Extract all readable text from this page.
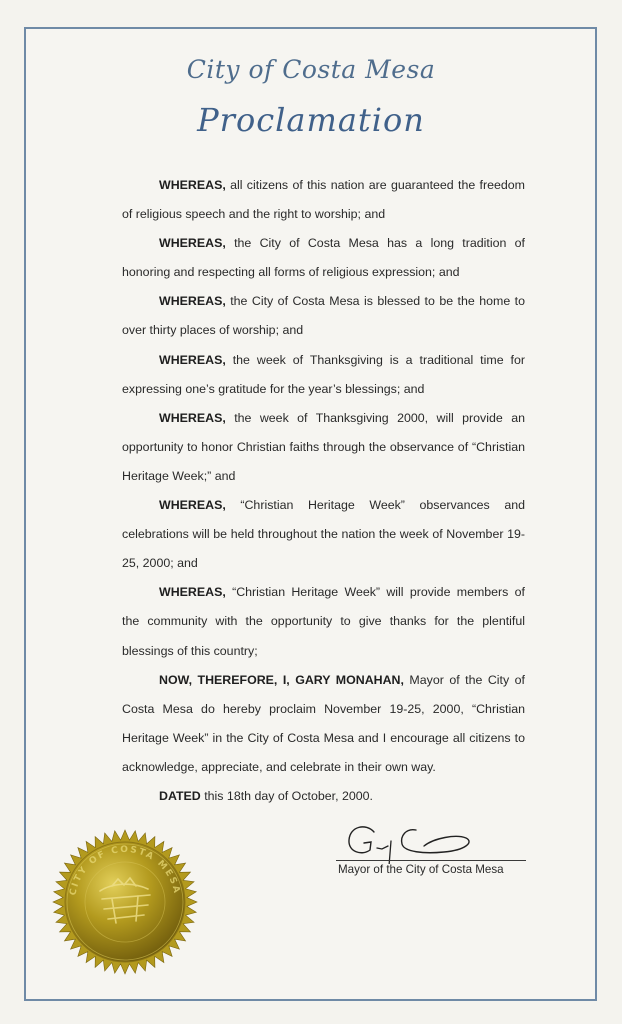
City of Costa Mesa
Proclamation

WHEREAS, all citizens of this nation are guaranteed the freedom of religious speech and the right to worship; and

WHEREAS, the City of Costa Mesa has a long tradition of honoring and respecting all forms of religious expression; and

WHEREAS, the City of Costa Mesa is blessed to be the home to over thirty places of worship; and

WHEREAS, the week of Thanksgiving is a traditional time for expressing one’s gratitude for the year’s blessings; and

WHEREAS, the week of Thanksgiving 2000, will provide an opportunity to honor Christian faiths through the observance of “Christian Heritage Week;” and

WHEREAS, “Christian Heritage Week” observances and celebrations will be held throughout the nation the week of November 19-25, 2000; and

WHEREAS, “Christian Heritage Week” will provide members of the community with the opportunity to give thanks for the plentiful blessings of this country;

NOW, THEREFORE, I, GARY MONAHAN, Mayor of the City of Costa Mesa do hereby proclaim November 19-25, 2000, “Christian Heritage Week” in the City of Costa Mesa and I encourage all citizens to acknowledge, appreciate, and celebrate in their own way.

DATED this 18th day of October, 2000.

Mayor of the City of Costa Mesa
CITY OF COSTA MESA
